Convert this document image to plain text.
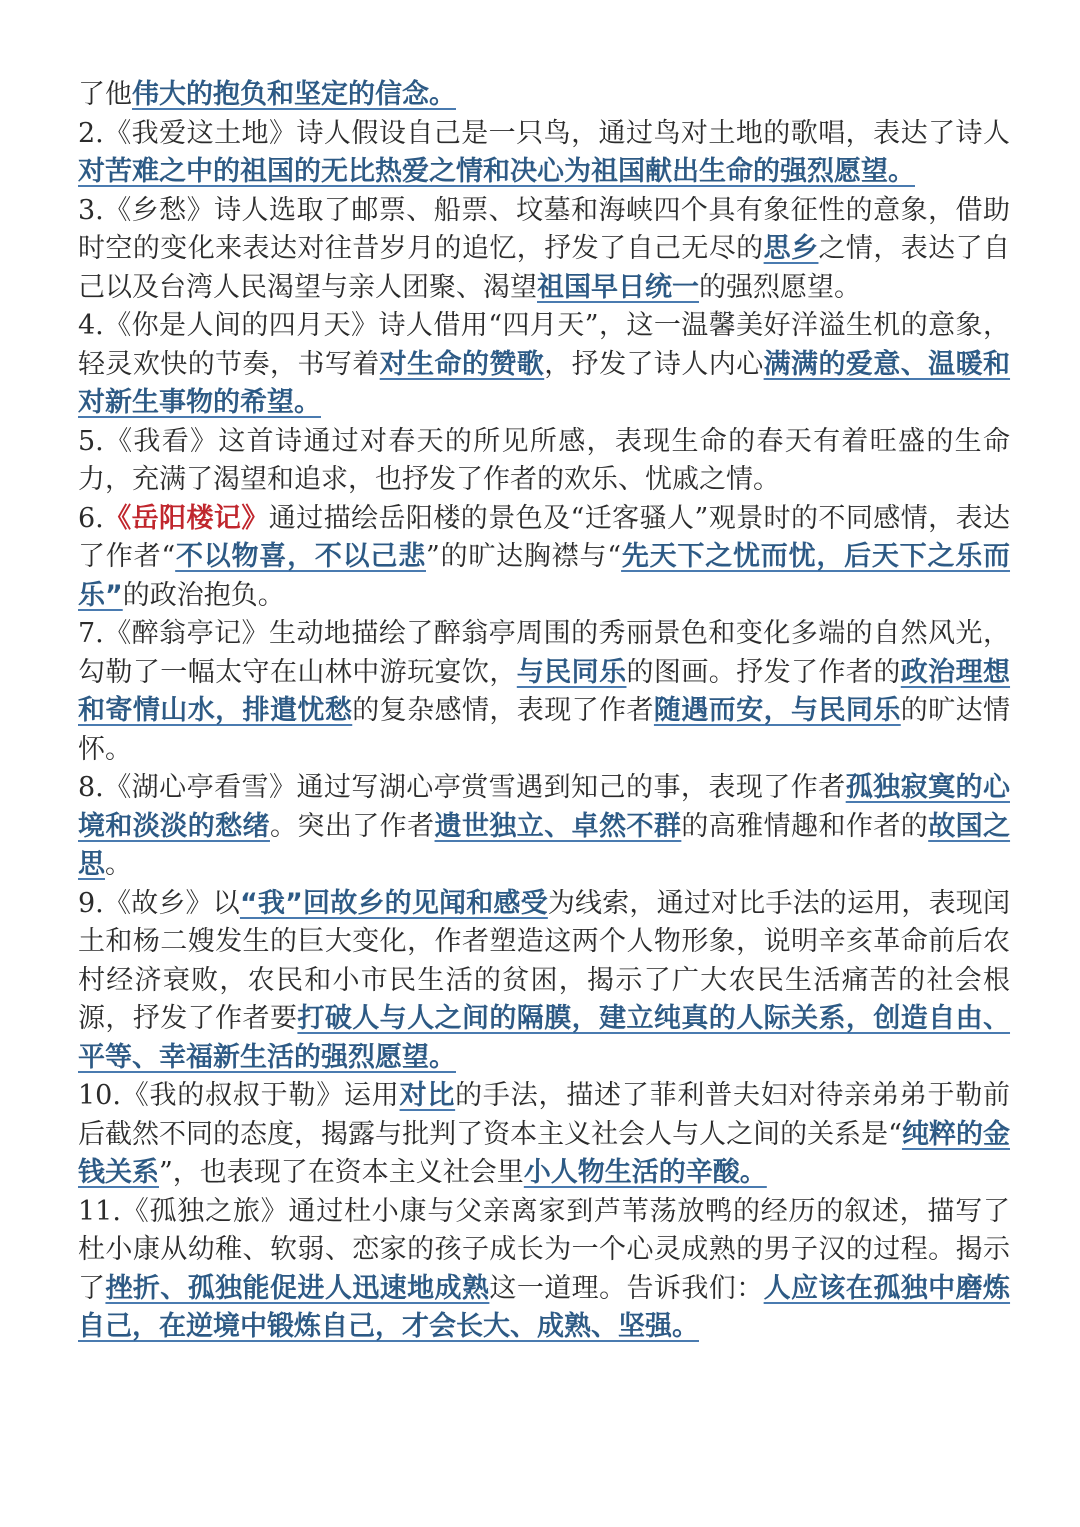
了他伟大的抱负和坚定的信念。

2.《我爱这土地》诗人假设自己是一只鸟，通过鸟对土地的歌唱，表达了诗人对苦难之中的祖国的无比热爱之情和决心为祖国献出生命的强烈愿望。

3.《乡愁》诗人选取了邮票、船票、坟墓和海峡四个具有象征性的意象，借助时空的变化来表达对往昔岁月的追忆，抒发了自己无尽的思乡之情，表达了自己以及台湾人民渴望与亲人团聚、渴望祖国早日统一的强烈愿望。

4.《你是人间的四月天》诗人借用“四月天”，这一温馨美好洋溢生机的意象，轻灵欢快的节奏，书写着对生命的赞歌，抒发了诗人内心满满的爱意、温暖和对新生事物的希望。

5.《我看》这首诗通过对春天的所见所感，表现生命的春天有着旺盛的生命力，充满了渴望和追求，也抒发了作者的欢乐、忧戚之情。

6.《岳阳楼记》通过描绘岳阳楼的景色及“迁客骚人”观景时的不同感情，表达了作者“不以物喜，不以己悲”的旷达胸襟与“先天下之忧而忧，后天下之乐而乐”的政治抱负。

7.《醉翁亭记》生动地描绘了醉翁亭周围的秀丽景色和变化多端的自然风光，勾勒了一幅太守在山林中游玩宴饮，与民同乐的图画。抒发了作者的政治理想和寄情山水，排遣忧愁的复杂感情，表现了作者随遇而安，与民同乐的旷达情怀。

8.《湖心亭看雪》通过写湖心亭赏雪遇到知己的事，表现了作者孤独寂寞的心境和淡淡的愁绪。突出了作者遗世独立、卓然不群的高雅情趣和作者的故国之思。

9.《故乡》以“我”回故乡的见闻和感受为线索，通过对比手法的运用，表现闰土和杨二嫂发生的巨大变化，作者塑造这两个人物形象，说明辛亥革命前后农村经济衰败，农民和小市民生活的贫困，揭示了广大农民生活痛苦的社会根源，抒发了作者要打破人与人之间的隔膜，建立纯真的人际关系，创造自由、平等、幸福新生活的强烈愿望。

10.《我的叔叔于勒》运用对比的手法，描述了菲利普夫妇对待亲弟弟于勒前后截然不同的态度，揭露与批判了资本主义社会人与人之间的关系是“纯粹的金钱关系”，也表现了在资本主义社会里小人物生活的辛酸。

11.《孤独之旅》通过杜小康与父亲离家到芦苇荡放鸭的经历的叙述，描写了杜小康从幼稚、软弱、恋家的孩子成长为一个心灵成熟的男子汉的过程。揭示了挫折、孤独能促进人迅速地成熟这一道理。告诉我们：人应该在孤独中磨炼自己，在逆境中锻炼自己，才会长大、成熟、坚强。
